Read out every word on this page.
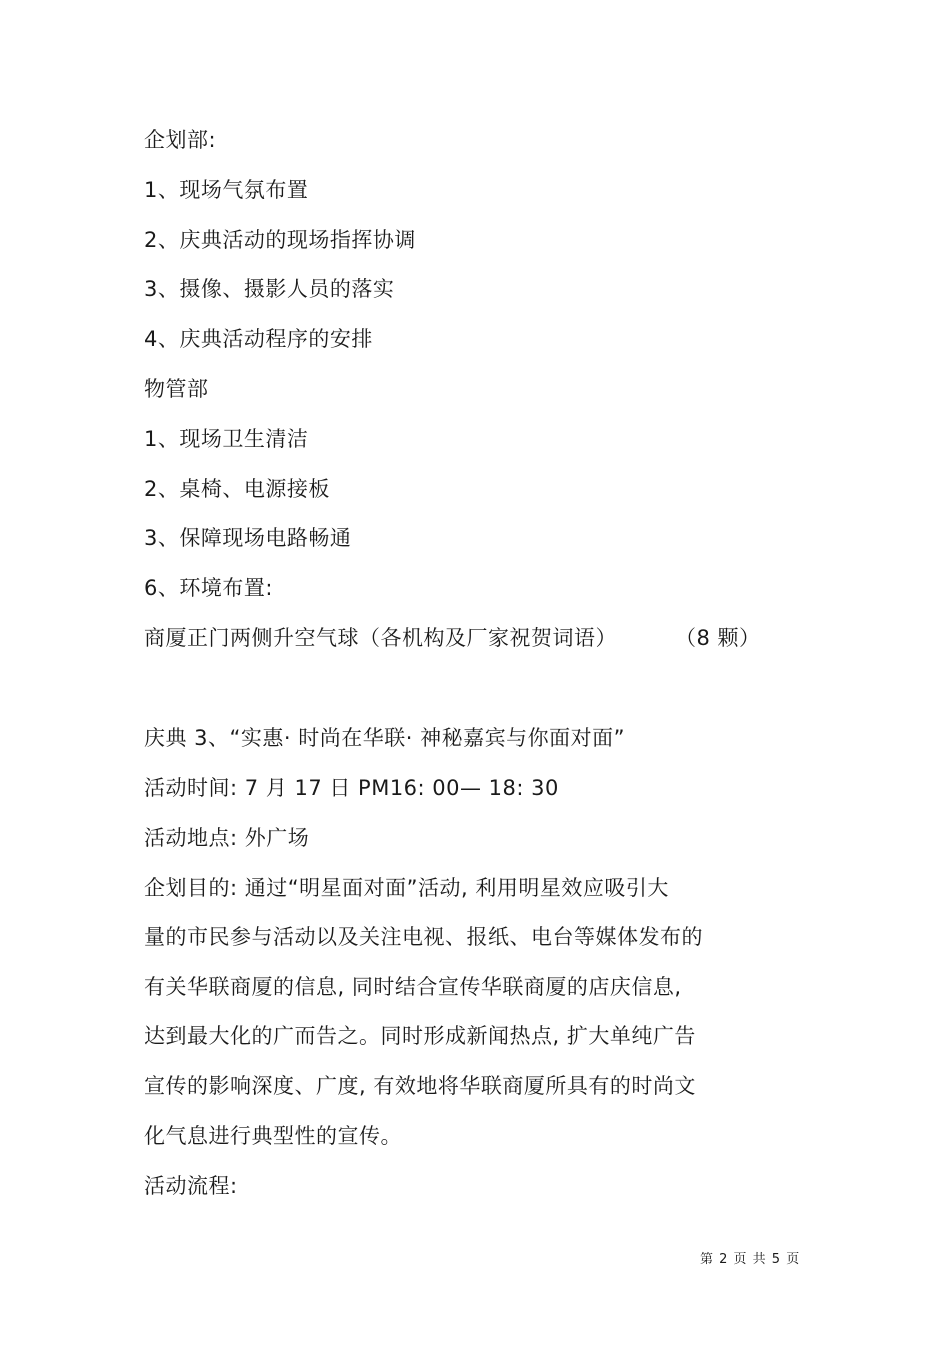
企划部:
1、现场气氛布置
2、庆典活动的现场指挥协调
3、摄像、摄影人员的落实
4、庆典活动程序的安排
物管部
1、现场卫生清洁
2、桌椅、电源接板
3、保障现场电路畅通
6、环境布置:
商厦正门两侧升空气球（各机构及厂家祝贺词语）	（8 颗）
庆典 3、“实惠· 时尚在华联· 神秘嘉宾与你面对面”
活动时间: 7 月 17 日 PM16: 00— 18: 30
活动地点: 外广场
企划目的: 通过“明星面对面”活动, 利用明星效应吸引大
量的市民参与活动以及关注电视、报纸、电台等媒体发布的
有关华联商厦的信息, 同时结合宣传华联商厦的店庆信息,
达到最大化的广而告之。同时形成新闻热点, 扩大单纯广告
宣传的影响深度、广度, 有效地将华联商厦所具有的时尚文
化气息进行典型性的宣传。
活动流程:
第 2 页 共 5 页
